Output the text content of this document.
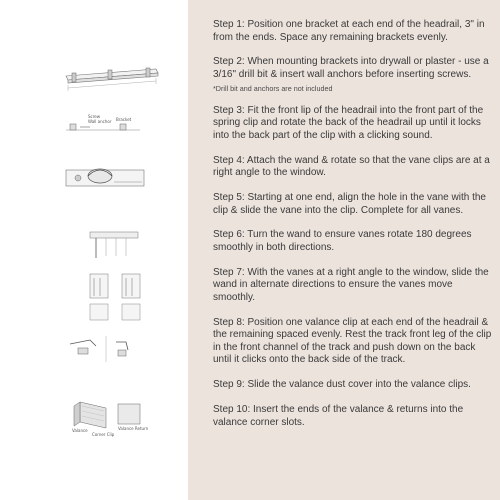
Screw
Wall anchor Bracket
Valance
Corner Clip
Valance Return

Step 1: Position one bracket at each end of the headrail, 3" in from the ends. Space any remaining brackets evenly.

Step 2: When mounting brackets into drywall or plaster - use a 3/16" drill bit & insert wall anchors before inserting screws.

*Drill bit and anchors are not included

Step 3: Fit the front lip of the headrail into the front part of the spring clip and rotate the back of the headrail up until it locks into the back part of the clip with a clicking sound.

Step 4: Attach the wand & rotate so that the vane clips are at a right angle to the window.

Step 5: Starting at one end, align the hole in the vane with the clip & slide the vane into the clip. Complete for all vanes.

Step 6: Turn the wand to ensure vanes rotate 180 degrees smoothly in both directions.

Step 7: With the vanes at a right angle to the window, slide the wand in alternate directions to ensure the vanes move smoothly.

Step 8: Position one valance clip at each end of the headrail & the remaining spaced evenly. Rest the track front leg of the clip in the front channel of the track and push down on the back until it clicks onto the back side of the track.

Step 9: Slide the valance dust cover into the valance clips.

Step 10: Insert the ends of the valance & returns into the valance corner slots.
